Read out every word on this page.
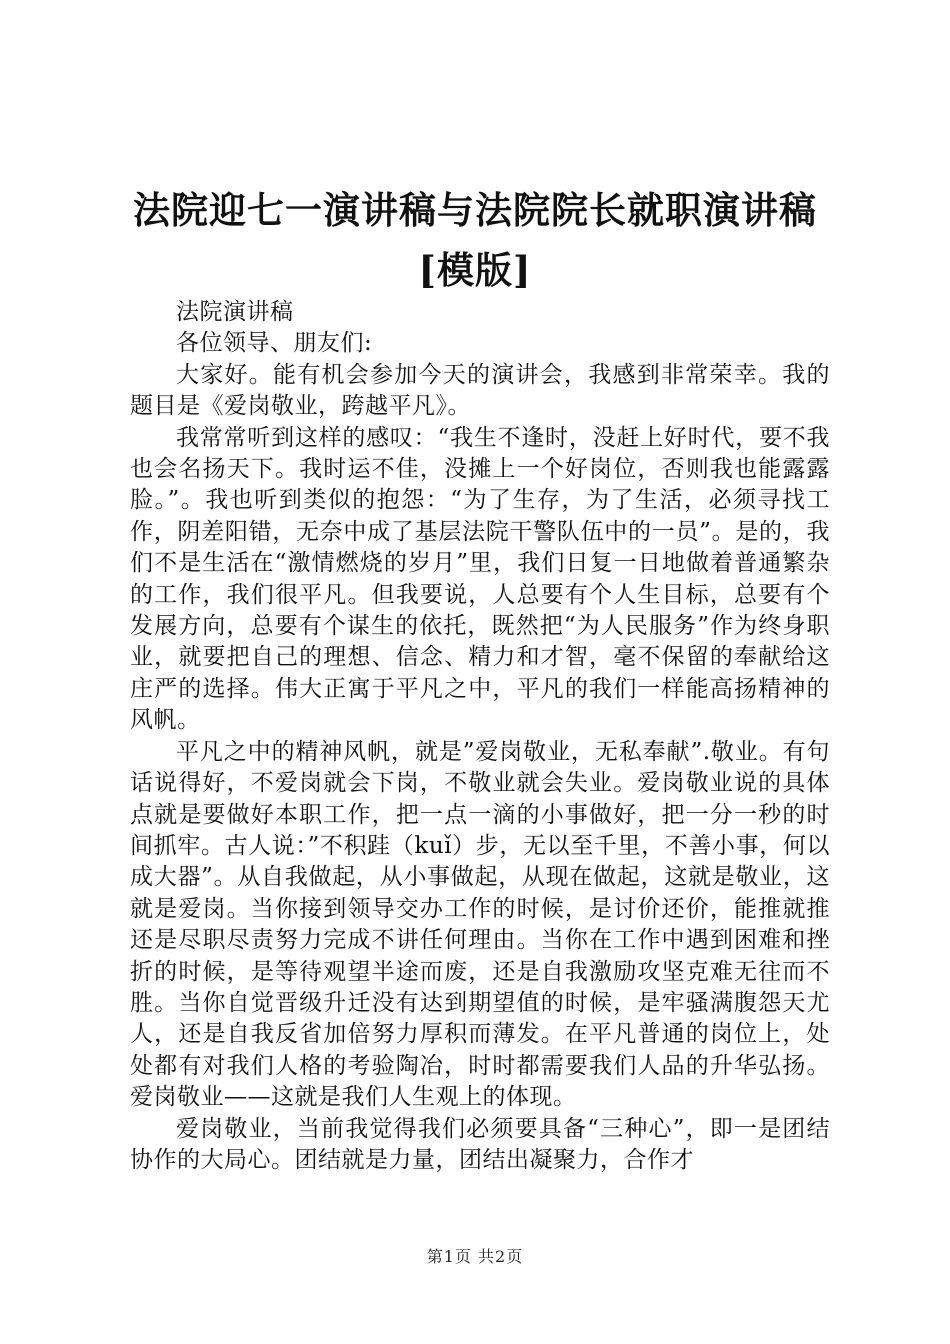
法院迎七一演讲稿与法院院长就职演讲稿[模版]

法院演讲稿

各位领导、朋友们:

大家好。能有机会参加今天的演讲会，我感到非常荣幸。我的题目是《爱岗敬业，跨越平凡》。

我常常听到这样的感叹：“我生不逢时，没赶上好时代，要不我也会名扬天下。我时运不佳，没摊上一个好岗位，否则我也能露露脸。”。我也听到类似的抱怨：“为了生存，为了生活，必须寻找工作，阴差阳错，无奈中成了基层法院干警队伍中的一员”。是的，我们不是生活在“激情燃烧的岁月”里，我们日复一日地做着普通繁杂的工作，我们很平凡。但我要说，人总要有个人生目标，总要有个发展方向，总要有个谋生的依托，既然把“为人民服务”作为终身职业，就要把自己的理想、信念、精力和才智，毫不保留的奉献给这庄严的选择。伟大正寓于平凡之中，平凡的我们一样能高扬精神的风帆。

平凡之中的精神风帆，就是”爱岗敬业，无私奉献”.敬业。有句话说得好，不爱岗就会下岗，不敬业就会失业。爱岗敬业说的具体点就是要做好本职工作，把一点一滴的小事做好，把一分一秒的时间抓牢。古人说：”不积跬（kuǐ）步，无以至千里，不善小事，何以成大器”。从自我做起，从小事做起，从现在做起，这就是敬业，这就是爱岗。当你接到领导交办工作的时候，是讨价还价，能推就推还是尽职尽责努力完成不讲任何理由。当你在工作中遇到困难和挫折的时候，是等待观望半途而废，还是自我激励攻坚克难无往而不胜。当你自觉晋级升迁没有达到期望值的时候，是牢骚满腹怨天尤人，还是自我反省加倍努力厚积而薄发。在平凡普通的岗位上，处处都有对我们人格的考验陶冶，时时都需要我们人品的升华弘扬。爱岗敬业——这就是我们人生观上的体现。

爱岗敬业，当前我觉得我们必须要具备“三种心”，即一是团结协作的大局心。团结就是力量，团结出凝聚力，合作才

第1页 共2页
